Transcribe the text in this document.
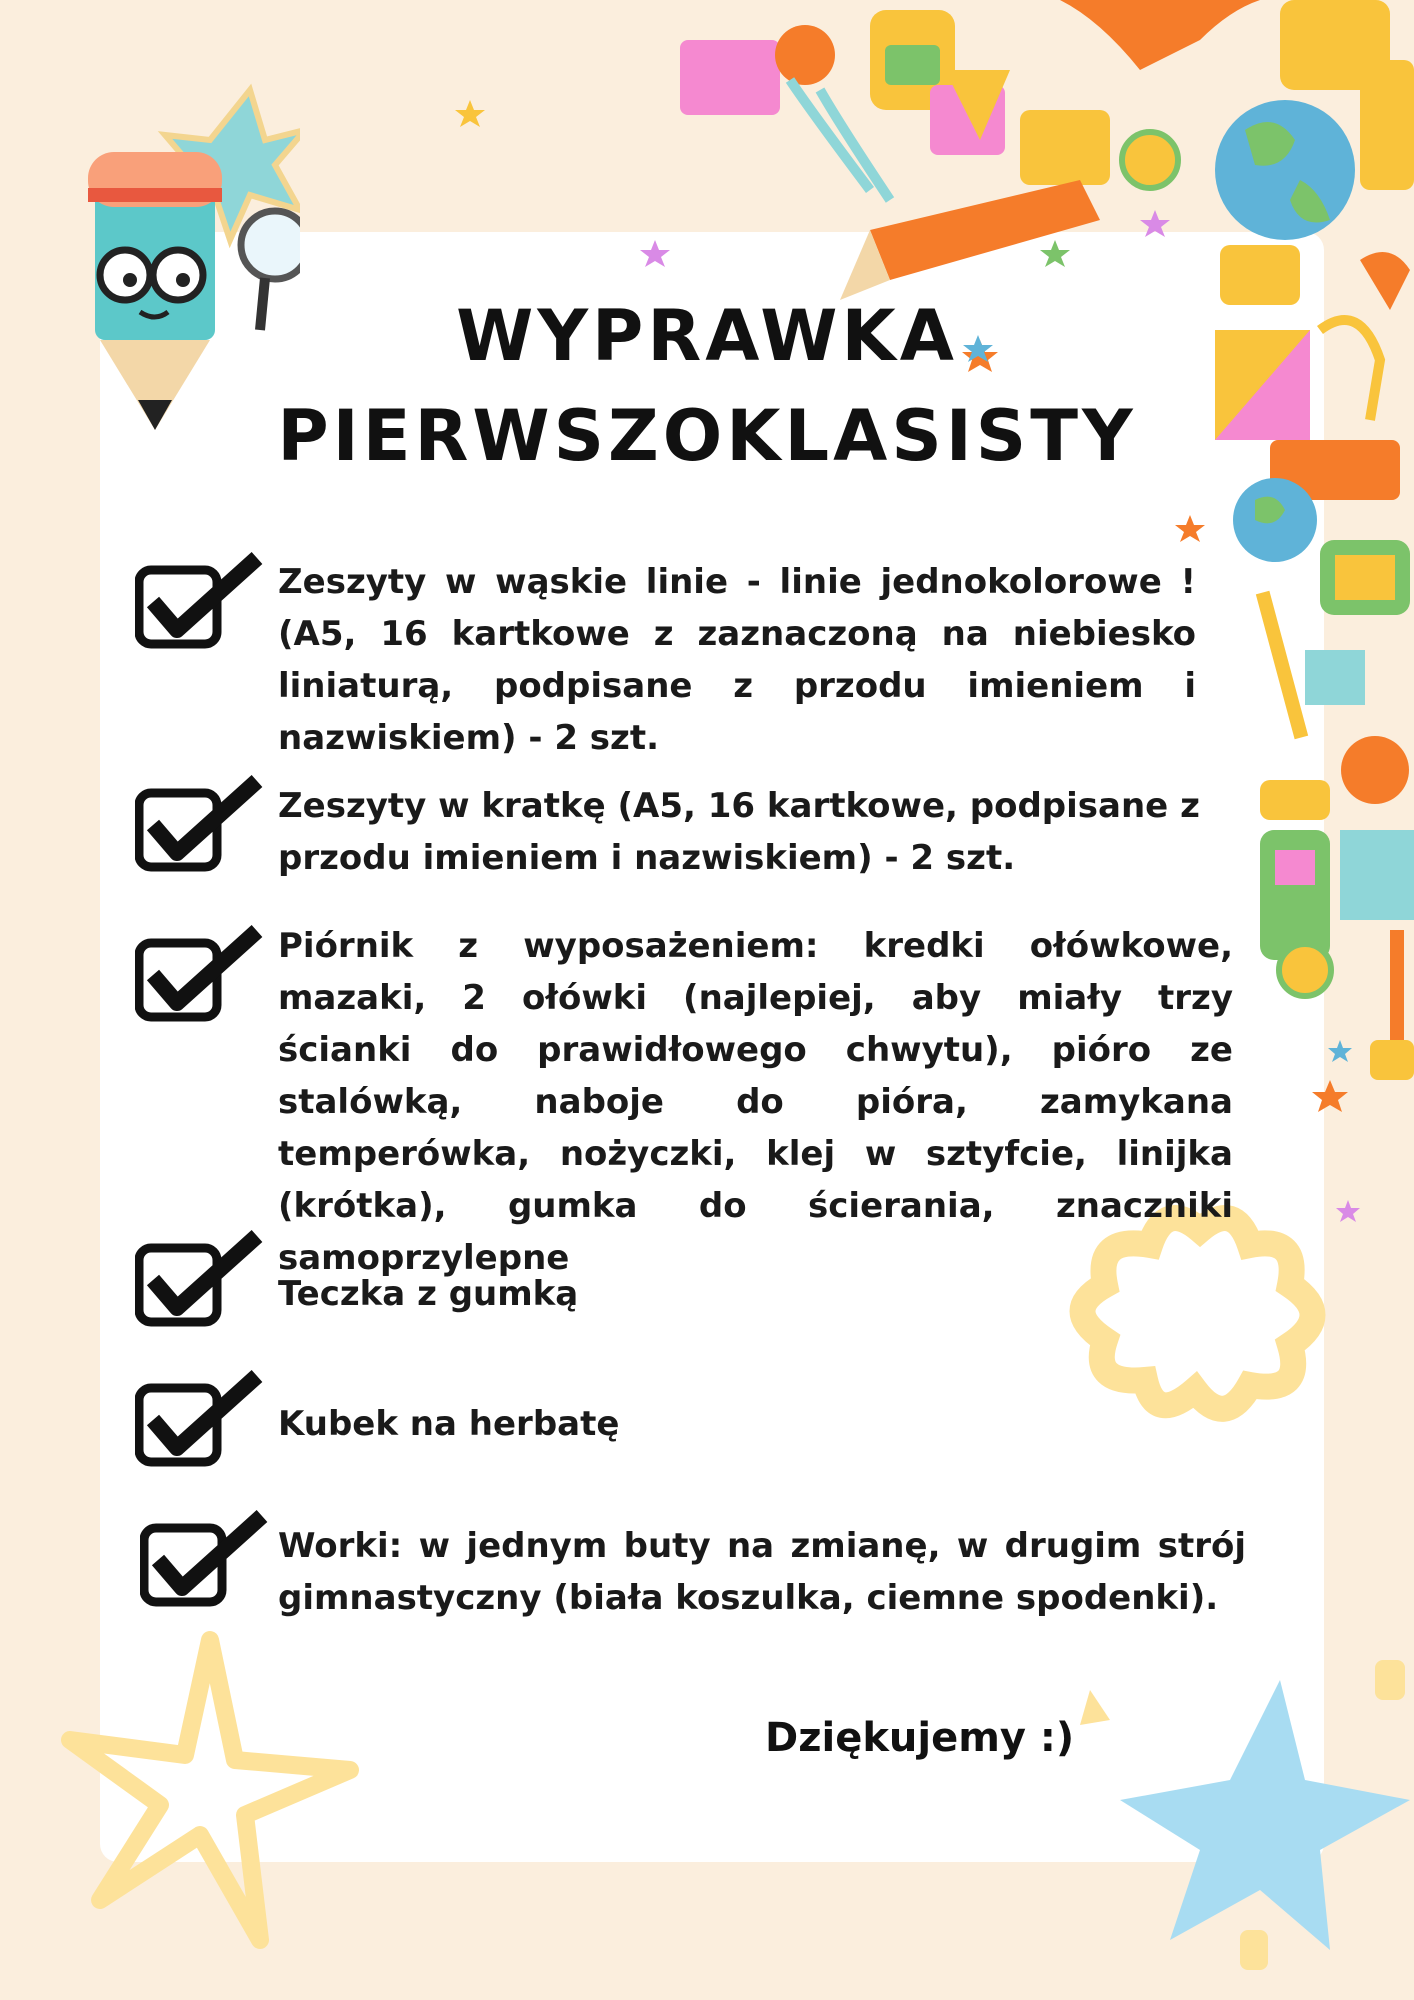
WYPRAWKA
PIERWSZOKLASISTY

Zeszyty w wąskie linie - linie jednokolorowe ! (A5, 16 kartkowe z zaznaczoną na niebiesko liniaturą, podpisane z przodu imieniem i nazwiskiem) - 2 szt.

Zeszyty w kratkę (A5, 16 kartkowe, podpisane z przodu imieniem i nazwiskiem) - 2 szt.

Piórnik z wyposażeniem: kredki ołówkowe, mazaki, 2 ołówki (najlepiej, aby miały trzy ścianki do prawidłowego chwytu), pióro ze stalówką, naboje do pióra, zamykana temperówka, nożyczki, klej w sztyfcie, linijka (krótka), gumka do ścierania, znaczniki samoprzylepne

Teczka z gumką

Kubek na herbatę

Worki: w jednym buty na zmianę, w drugim strój gimnastyczny (biała koszulka, ciemne spodenki).

Dziękujemy :)
